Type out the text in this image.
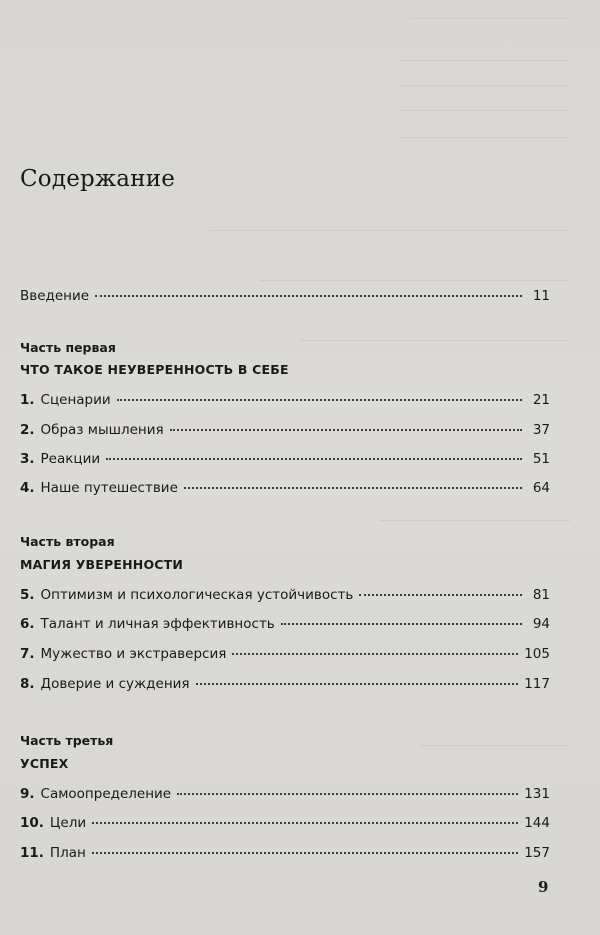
Содержание
Введение	11
Часть первая
ЧТО ТАКОЕ НЕУВЕРЕННОСТЬ В СЕБЕ
1. Сценарии	21
2. Образ мышления	37
3. Реакции	51
4. Наше путешествие	64
Часть вторая
МАГИЯ УВЕРЕННОСТИ
5. Оптимизм и психологическая устойчивость	81
6. Талант и личная эффективность	94
7. Мужество и экстраверсия	105
8. Доверие и суждения	117
Часть третья
УСПЕХ
9. Самоопределение	131
10. Цели	144
11. План	157
9
